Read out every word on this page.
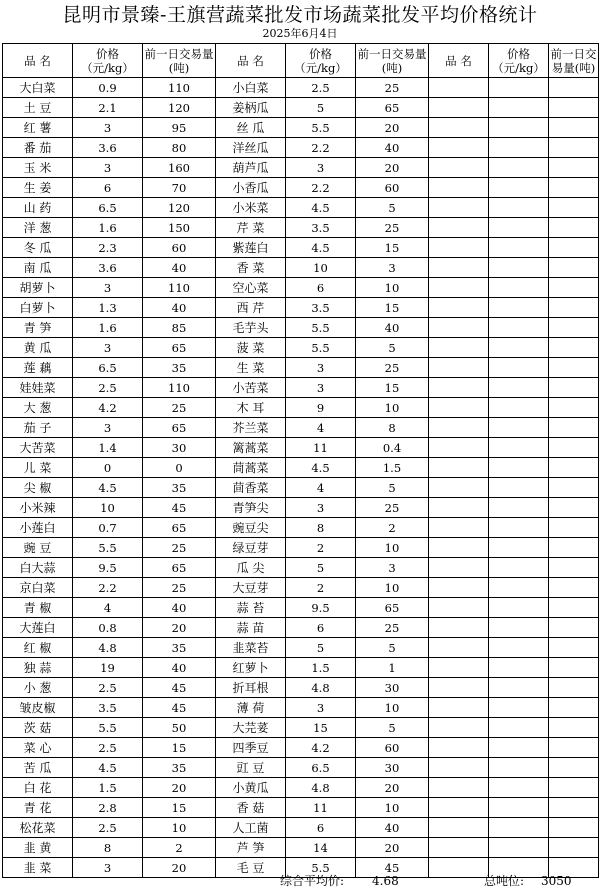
昆明市景臻-王旗营蔬菜批发市场蔬菜批发平均价格统计
2025年6月4日
品 名	价格（元/kg）	前一日交易量(吨)	品 名	价格（元/kg）	前一日交易量(吨)	品 名	价格（元/kg）	前一日交易量(吨)
大白菜	0.9	110	小白菜	2.5	25			
土 豆	2.1	120	姜柄瓜	5	65			
红 薯	3	95	丝 瓜	5.5	20			
番 茄	3.6	80	洋丝瓜	2.2	40			
玉 米	3	160	葫芦瓜	3	20			
生 姜	6	70	小香瓜	2.2	60			
山 药	6.5	120	小米菜	4.5	5			
洋 葱	1.6	150	芹 菜	3.5	25			
冬 瓜	2.3	60	紫莲白	4.5	15			
南 瓜	3.6	40	香 菜	10	3			
胡萝卜	3	110	空心菜	6	10			
白萝卜	1.3	40	西 芹	3.5	15			
青 笋	1.6	85	毛芋头	5.5	40			
黄 瓜	3	65	菠 菜	5.5	5			
莲 藕	6.5	35	生 菜	3	25			
娃娃菜	2.5	110	小苦菜	3	15			
大 葱	4.2	25	木 耳	9	10			
茄 子	3	65	芥兰菜	4	8			
大苦菜	1.4	30	篱蒿菜	11	0.4			
儿 菜	0	0	茼蒿菜	4.5	1.5			
尖 椒	4.5	35	茴香菜	4	5			
小米辣	10	45	青笋尖	3	25			
小莲白	0.7	65	豌豆尖	8	2			
豌 豆	5.5	25	绿豆芽	2	10			
白大蒜	9.5	65	瓜 尖	5	3			
京白菜	2.2	25	大豆芽	2	10			
青 椒	4	40	蒜 苔	9.5	65			
大莲白	0.8	20	蒜 苗	6	25			
红 椒	4.8	35	韭菜苔	5	5			
独 蒜	19	40	红萝卜	1.5	1			
小 葱	2.5	45	折耳根	4.8	30			
皱皮椒	3.5	45	薄 荷	3	10			
茨 菇	5.5	50	大芫荽	15	5			
菜 心	2.5	15	四季豆	4.2	60			
苦 瓜	4.5	35	豇 豆	6.5	30			
白 花	1.5	20	小黄瓜	4.8	20			
青 花	2.8	15	香 菇	11	10			
松花菜	2.5	10	人工菌	6	40			
韭 黄	8	2	芦 笋	14	20			
韭 菜	3	20	毛 豆	5.5	45			
综合平均价: 4.68	总吨位: 3050
